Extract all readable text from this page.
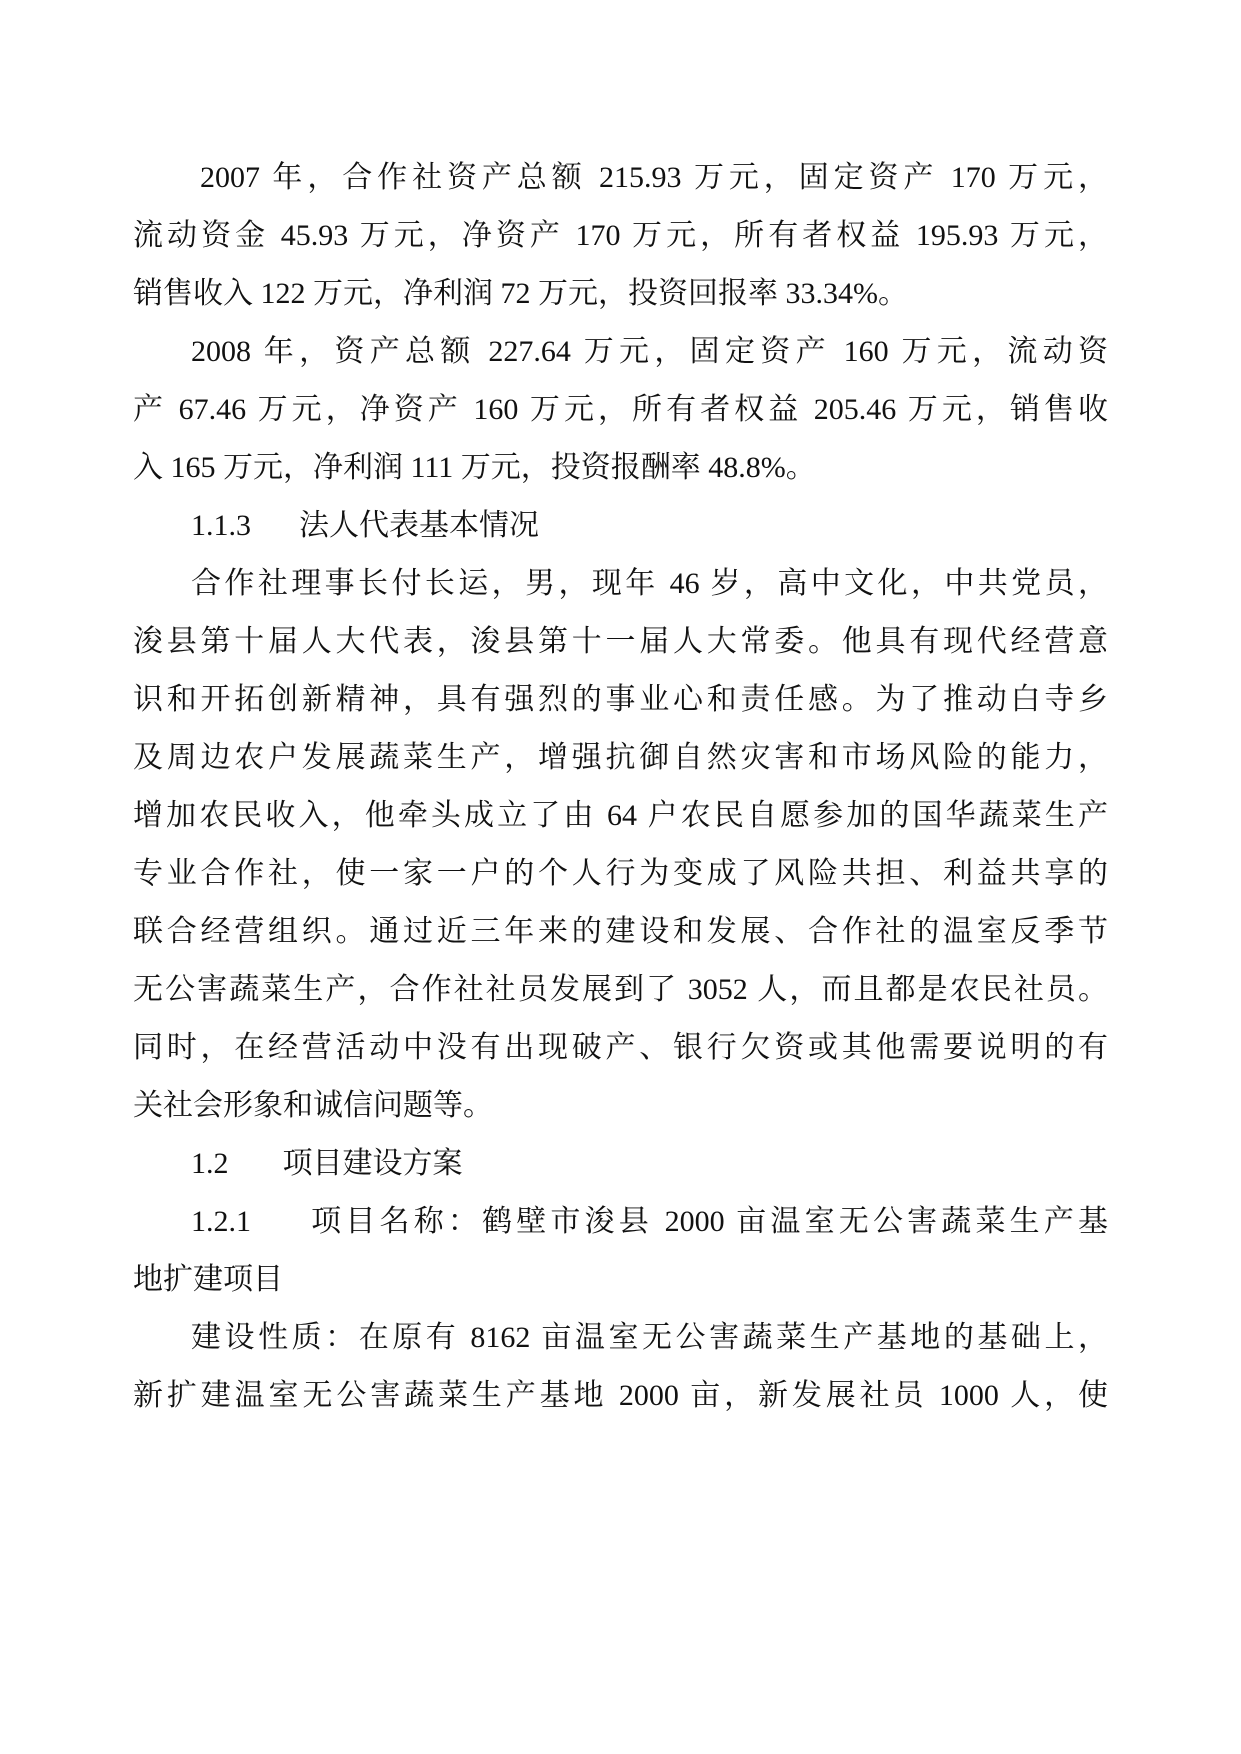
2007 年，合作社资产总额 215.93 万元，固定资产 170 万元，
流动资金 45.93 万元，净资产 170 万元，所有者权益 195.93 万元，
销售收入 122 万元，净利润 72 万元，投资回报率 33.34%。
2008 年，资产总额 227.64 万元，固定资产 160 万元，流动资
产 67.46 万元，净资产 160 万元，所有者权益 205.46 万元，销售收
入 165 万元，净利润 111 万元，投资报酬率 48.8%。
1.1.3 法人代表基本情况
合作社理事长付长运，男，现年 46 岁，高中文化，中共党员，
浚县第十届人大代表，浚县第十一届人大常委。他具有现代经营意
识和开拓创新精神，具有强烈的事业心和责任感。为了推动白寺乡
及周边农户发展蔬菜生产，增强抗御自然灾害和市场风险的能力，
增加农民收入，他牵头成立了由 64 户农民自愿参加的国华蔬菜生产
专业合作社，使一家一户的个人行为变成了风险共担、利益共享的
联合经营组织。通过近三年来的建设和发展、合作社的温室反季节
无公害蔬菜生产，合作社社员发展到了 3052 人，而且都是农民社员。
同时，在经营活动中没有出现破产、银行欠资或其他需要说明的有
关社会形象和诚信问题等。
1.2 项目建设方案
1.2.1 项目名称：鹤壁市浚县 2000 亩温室无公害蔬菜生产基
地扩建项目
建设性质：在原有 8162 亩温室无公害蔬菜生产基地的基础上，
新扩建温室无公害蔬菜生产基地 2000 亩，新发展社员 1000 人，使
